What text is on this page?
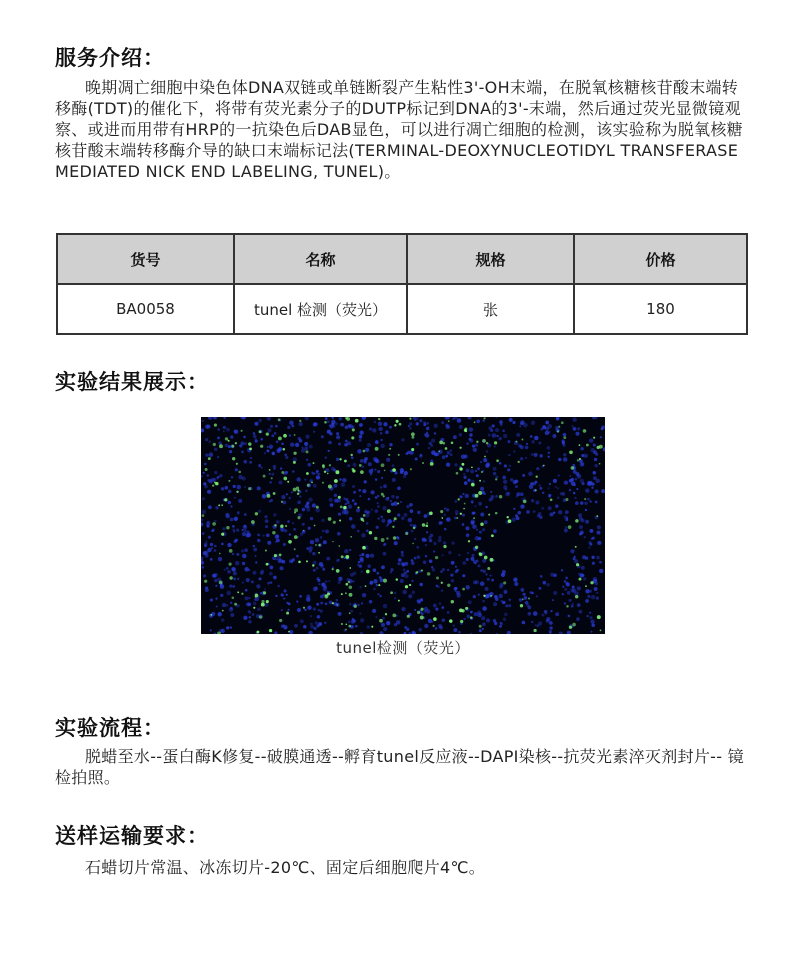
服务介绍：
晚期凋亡细胞中染色体DNA双链或单链断裂产生粘性3'-OH末端，在脱氧核糖核苷酸末端转移酶(TDT)的催化下，将带有荧光素分子的DUTP标记到DNA的3'-末端，然后通过荧光显微镜观察、或进而用带有HRP的一抗染色后DAB显色，可以进行凋亡细胞的检测，该实验称为脱氧核糖核苷酸末端转移酶介导的缺口末端标记法(TERMINAL-DEOXYNUCLEOTIDYL TRANSFERASE MEDIATED NICK END LABELING, TUNEL)。
货号	名称	规格	价格
BA0058	tunel 检测（荧光）	张	180
实验结果展示：
tunel检测（荧光）
实验流程：
脱蜡至水--蛋白酶K修复--破膜通透--孵育tunel反应液--DAPI染核--抗荧光素淬灭剂封片-- 镜检拍照。
送样运输要求：
石蜡切片常温、冰冻切片-20℃、固定后细胞爬片4℃。
